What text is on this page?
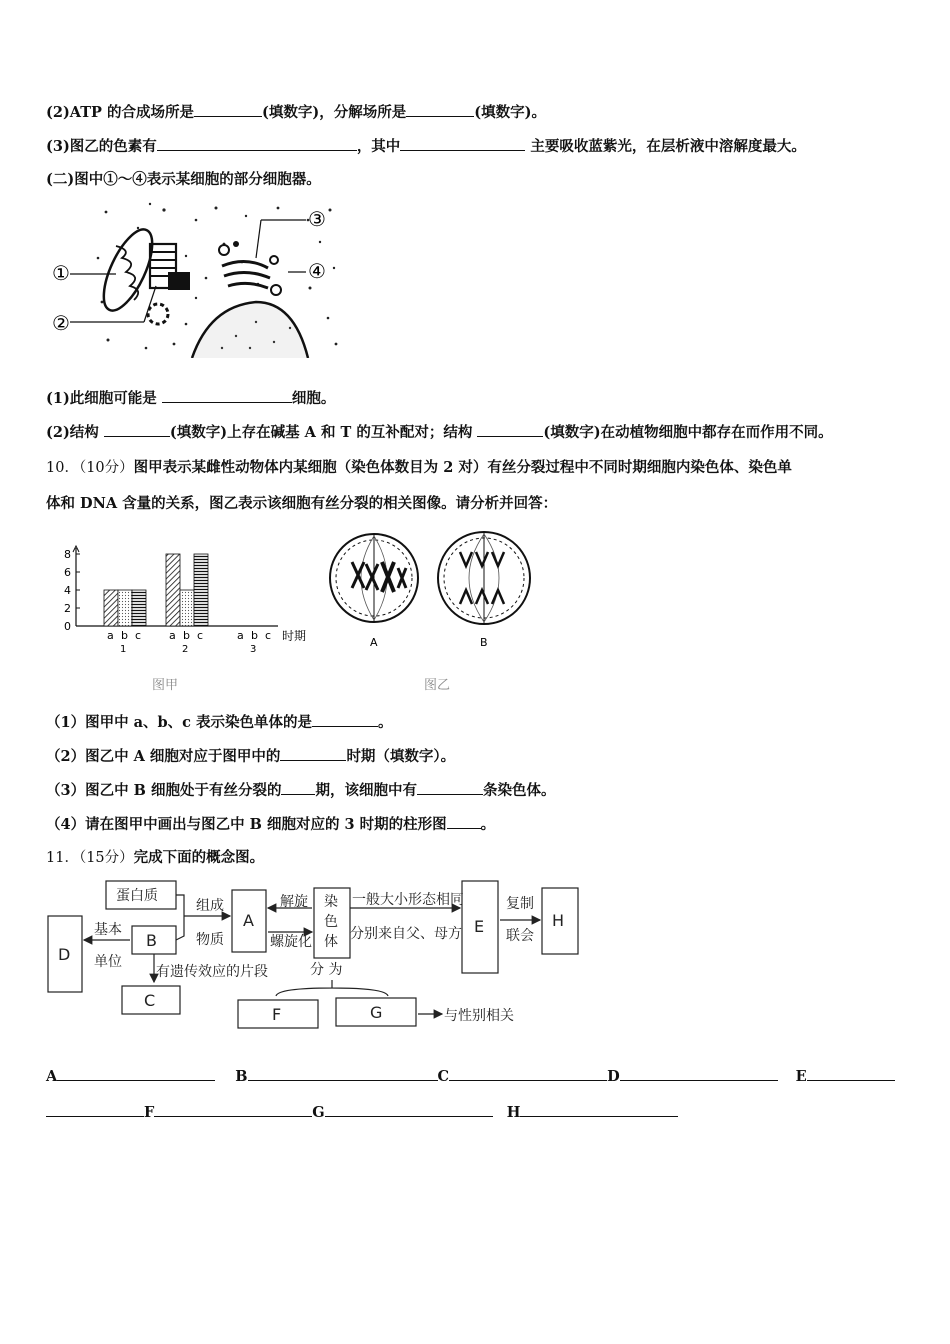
(2)ATP 的合成场所是	(填数字)，分解场所是	(填数字)。
(3)图乙的色素有	，其中	主要吸收蓝紫光，在层析液中溶解度最大。
(二)图中①～④表示某细胞的部分细胞器。
①
②
③
④
(1)此细胞可能是	细胞。
(2)结构	(填数字)上存在碱基 A 和 T 的互补配对；结构	(填数字)在动植物细胞中都存在而作用不同。
10．（10分）图甲表示某雌性动物体内某细胞（染色体数目为 2 对）有丝分裂过程中不同时期细胞内染色体、染色单
体和 DNA 含量的关系，图乙表示该细胞有丝分裂的相关图像。请分析并回答：
0
2
4
6
8
a b c
1
a b c
2
a b c
3
时期
图甲
A	B
图乙
（1）图甲中 a、b、c 表示染色单体的是	。
（2）图乙中 A 细胞对应于图甲中的	时期（填数字）。
（3）图乙中 B 细胞处于有丝分裂的 期，该细胞中有	条染色体。
（4）请在图甲中画出与图乙中 B 细胞对应的 3 时期的柱形图 。
11．（15分）完成下面的概念图。
蛋白质
组成
物质
基本
单位
A
B
D
C
解旋
螺旋化
染
色
体
有遗传效应的片段	分 为
一般大小形态相同
分别来自父、母方 E
复制
联会
H
F	G	与性别相关
A	B	C	D	E
F	G	H
